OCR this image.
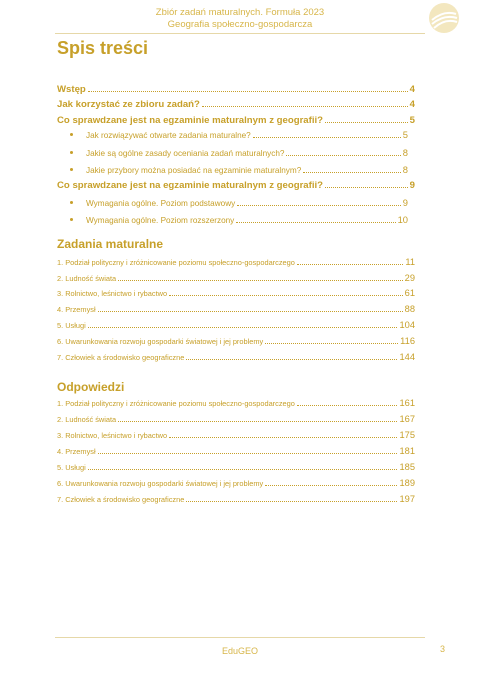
Zbiór zadań maturalnych. Formuła 2023
Geografia społeczno-gospodarcza
Spis treści
Wstęp	4
Jak korzystać ze zbioru zadań?	4
Co sprawdzane jest na egzaminie maturalnym z geografii?	5
Jak rozwiązywać otwarte zadania maturalne?	5
Jakie są ogólne zasady oceniania zadań maturalnych?	8
Jakie przybory można posiadać na egzaminie maturalnym?	8
Co sprawdzane jest na egzaminie maturalnym z geografii?	9
Wymagania ogólne. Poziom podstawowy	9
Wymagania ogólne. Poziom rozszerzony	10
Zadania maturalne
1. Podział polityczny i zróżnicowanie poziomu społeczno-gospodarczego	11
2. Ludność świata	29
3. Rolnictwo, leśnictwo i rybactwo	61
4. Przemysł	88
5. Usługi	104
6. Uwarunkowania rozwoju gospodarki światowej i jej problemy	116
7. Człowiek a środowisko geograficzne	144
Odpowiedzi
1. Podział polityczny i zróżnicowanie poziomu społeczno-gospodarczego	161
2. Ludność świata	167
3. Rolnictwo, leśnictwo i rybactwo	175
4. Przemysł	181
5. Usługi	185
6. Uwarunkowania rozwoju gospodarki światowej i jej problemy	189
7. Człowiek a środowisko geograficzne	197
EduGEO	3
